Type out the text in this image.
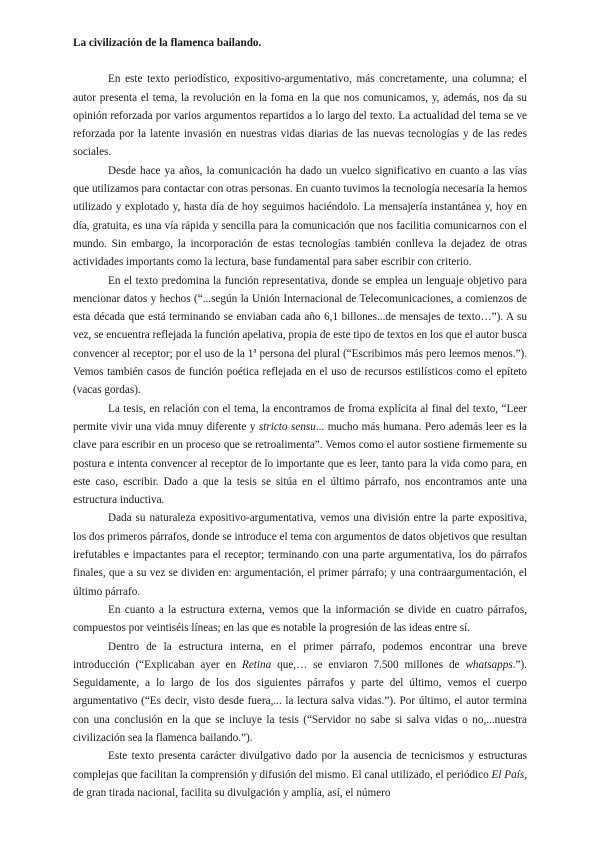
La civilización de la flamenca bailando.

En este texto periodístico, expositivo-argumentativo, más concretamente, una columna; el autor presenta el tema, la revolución en la foma en la que nos comunicamos, y, además, nos da su opinión reforzada por varios argumentos repartidos a lo largo del texto. La actualidad del tema se ve reforzada por la latente invasión en nuestras vidas diarias de las nuevas tecnologías y de las redes sociales.

Desde hace ya años, la comunicación ha dado un vuelco significativo en cuanto a las vías que utilizamos para contactar con otras personas. En cuanto tuvimos la tecnología necesaria la hemos utilizado y explotado y, hasta día de hoy seguimos haciéndolo. La mensajería instantánea y, hoy en día, gratuita, es una vía rápida y sencilla para la comunicación que nos facilitia comunicarnos con el mundo. Sin embargo, la incorporación de estas tecnologías también conlleva la dejadez de otras actividades importants como la lectura, base fundamental para saber escribir con criterio.

En el texto predomina la función representativa, donde se emplea un lenguaje objetivo para mencionar datos y hechos (“...según la Unión Internacional de Telecomunicaciones, a comienzos de esta década que está terminando se enviaban cada año 6,1 billones...de mensajes de texto…”). A su vez, se encuentra reflejada la función apelativa, propia de este tipo de textos en los que el autor busca convencer al receptor; por el uso de la 1ª persona del plural (“Escribimos más pero leemos menos.”). Vemos también casos de función poética reflejada en el uso de recursos estilísticos como el epíteto (vacas gordas).

La tesis, en relación con el tema, la encontramos de froma explícita al final del texto, “Leer permite vivir una vida mnuy diferente y stricto sensu... mucho más humana. Pero además leer es la clave para escribir en un proceso que se retroalimenta”. Vemos como el autor sostiene firmemente su postura e intenta convencer al receptor de lo importante que es leer, tanto para la vida como para, en este caso, escribir. Dado a que la tesis se sitúa en el último párrafo, nos encontramos ante una estructura inductiva.

Dada su naturaleza expositivo-argumentativa, vemos una división entre la parte expositiva, los dos primeros párrafos, donde se introduce el tema con argumentos de datos objetivos que resultan irefutables e impactantes para el receptor; terminando con una parte argumentativa, los do párrafos finales, que a su vez se dividen en: argumentación, el primer párrafo; y una contraargumentación, el último párrafo.

En cuanto a la estructura externa, vemos que la información se divide en cuatro párrafos, compuestos por veintiséis líneas; en las que es notable la progresión de las ideas entre sí.

Dentro de la estructura interna, en el primer párrafo, podemos encontrar una breve introducción (“Explicaban ayer en Retina que,… se enviaron 7.500 millones de whatsapps.”). Seguidamente, a lo largo de los dos siguientes párrafos y parte del último, vemos el cuerpo argumentativo (“Es decir, visto desde fuera,... la lectura salva vidas.”). Por último, el autor termina con una conclusión en la que se incluye la tesis (“Servidor no sabe si salva vidas o no,...nuestra civilización sea la flamenca bailando.”).

Este texto presenta carácter divulgativo dado por la ausencia de tecnicismos y estructuras complejas que facilitan la comprensión y difusión del mismo. El canal utilizado, el periódico El País, de gran tirada nacional, facilita su divulgación y amplía, así, el número
